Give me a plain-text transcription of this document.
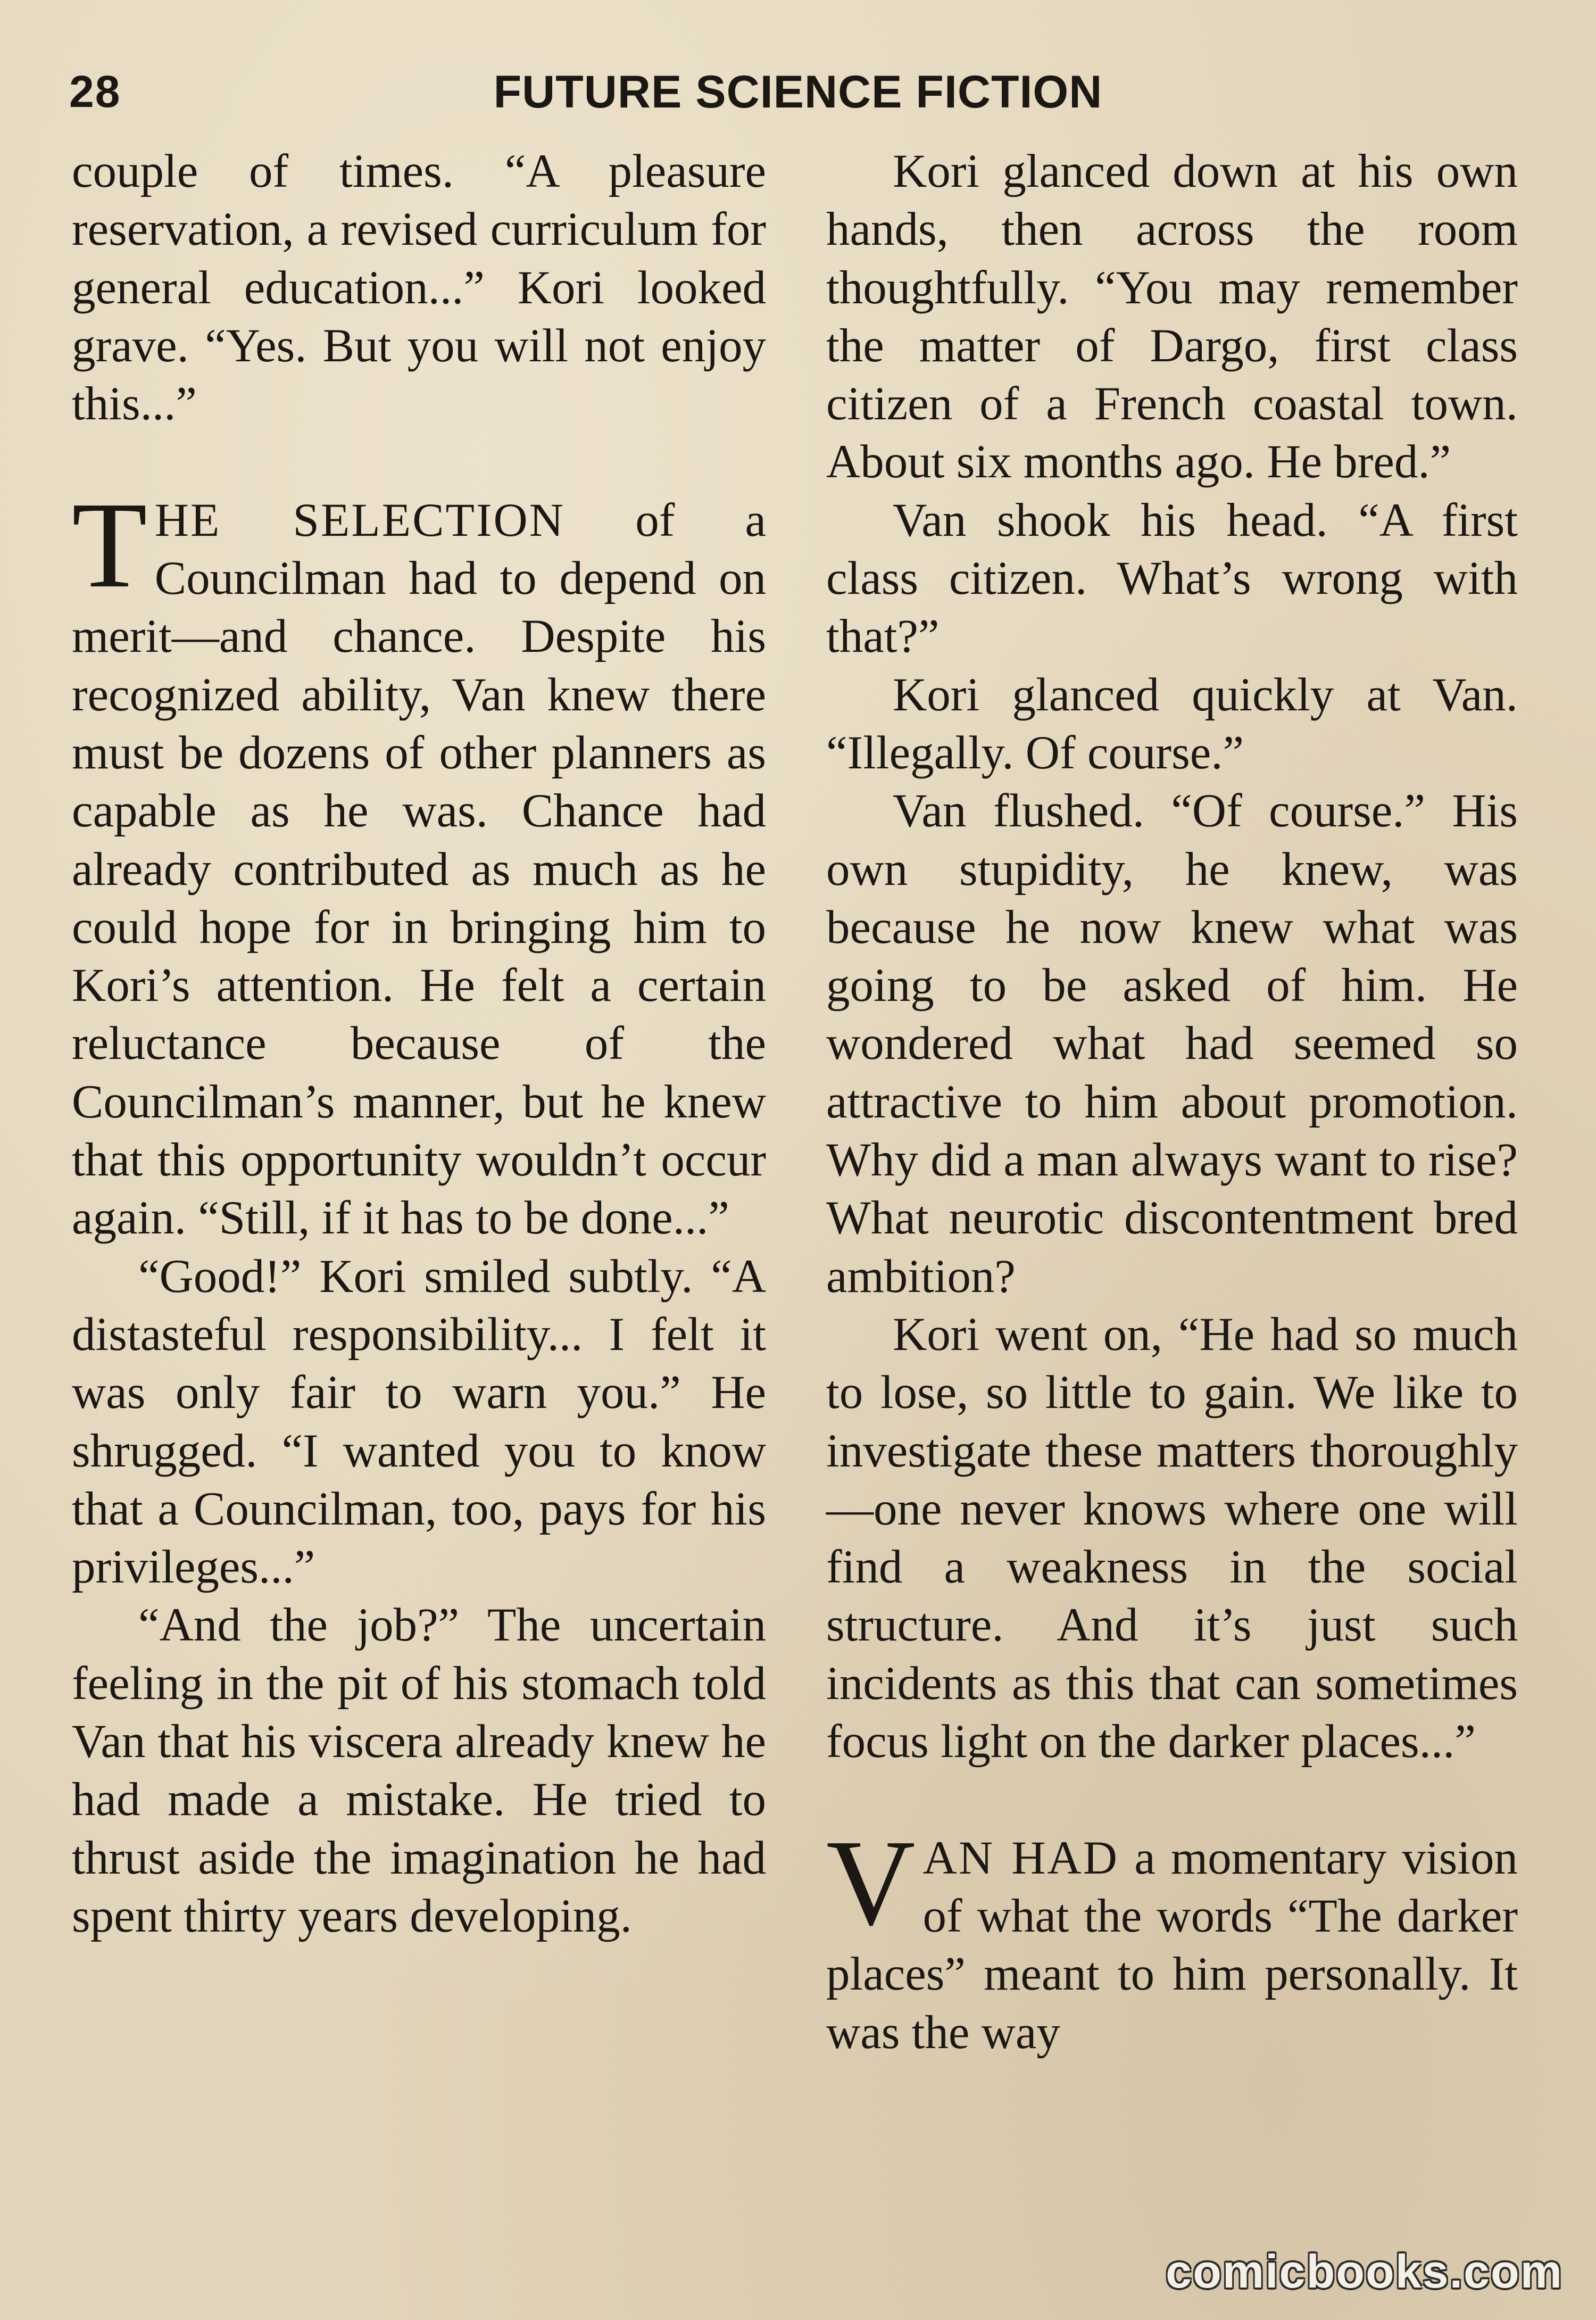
28	FUTURE SCIENCE FICTION

couple of times. “A pleasure reservation, a revised curriculum for general education...” Kori looked grave. “Yes. But you will not enjoy this...”

THE SELECTION of a Councilman had to depend on merit—and chance. Despite his recognized ability, Van knew there must be dozens of other planners as capable as he was. Chance had already contributed as much as he could hope for in bringing him to Kori’s attention. He felt a certain reluctance because of the Councilman’s manner, but he knew that this opportunity wouldn’t occur again. “Still, if it has to be done...”

“Good!” Kori smiled subtly. “A distasteful responsibility... I felt it was only fair to warn you.” He shrugged. “I wanted you to know that a Councilman, too, pays for his privileges...”

“And the job?” The uncertain feeling in the pit of his stomach told Van that his viscera already knew he had made a mistake. He tried to thrust aside the imagination he had spent thirty years developing.

Kori glanced down at his own hands, then across the room thoughtfully. “You may remember the matter of Dargo, first class citizen of a French coastal town. About six months ago. He bred.”

Van shook his head. “A first class citizen. What’s wrong with that?”

Kori glanced quickly at Van. “Illegally. Of course.”

Van flushed. “Of course.” His own stupidity, he knew, was because he now knew what was going to be asked of him. He wondered what had seemed so attractive to him about promotion. Why did a man always want to rise? What neurotic discontentment bred ambition?

Kori went on, “He had so much to lose, so little to gain. We like to investigate these matters thoroughly—one never knows where one will find a weakness in the social structure. And it’s just such incidents as this that can sometimes focus light on the darker places...”

VAN HAD a momentary vision of what the words “The darker places” meant to him personally. It was the way

comicbooks.com
